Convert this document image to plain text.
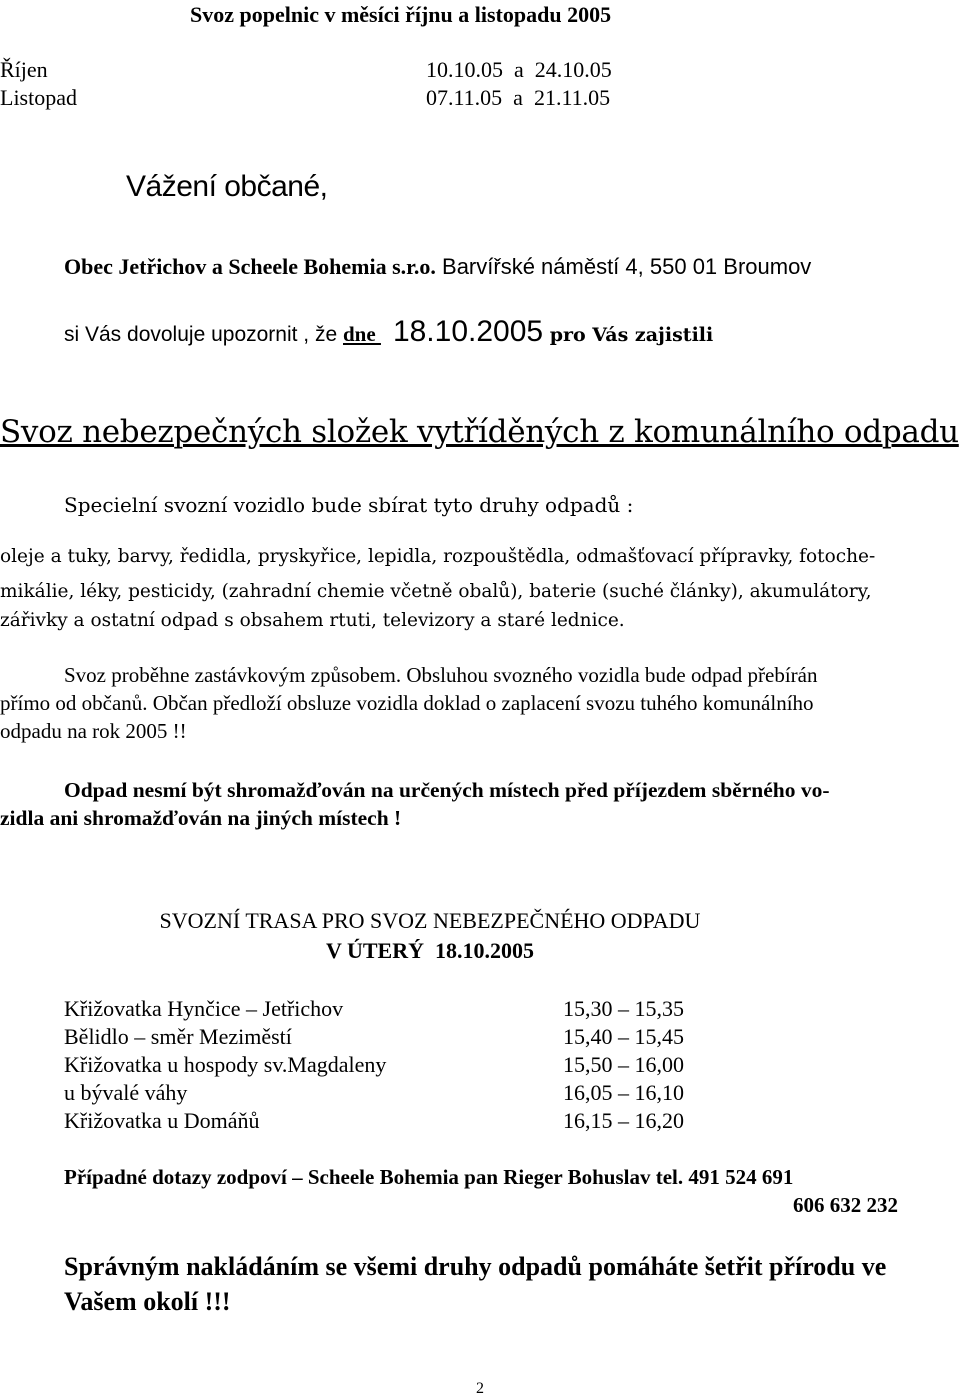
Svoz popelnic v měsíci říjnu a listopadu 2005
Říjen	10.10.05  a  24.10.05
Listopad	07.11.05  a  21.11.05
Vážení občané,
Obec Jetřichov a Scheele Bohemia s.r.o. Barvířské náměstí 4, 550 01 Broumov
si Vás dovoluje upozornit , že dne 18.10.2005 pro Vás zajistili
Svoz nebezpečných složek vytříděných z komunálního odpadu
Specielní svozní vozidlo bude sbírat tyto druhy odpadů :
oleje a tuky, barvy, ředidla, pryskyřice, lepidla, rozpouštědla, odmašťovací přípravky, fotoche-
mikálie, léky, pesticidy, (zahradní chemie včetně obalů), baterie (suché články), akumulátory,
zářivky a ostatní odpad s obsahem rtuti, televizory a staré lednice.
Svoz proběhne zastávkovým způsobem. Obsluhou svozného vozidla bude odpad přebírán
přímo od občanů. Občan předloží obsluze vozidla doklad o zaplacení svozu tuhého komunálního
odpadu na rok 2005 !!
Odpad nesmí být shromažďován na určených místech před příjezdem sběrného vo-
zidla ani shromažďován na jiných místech !
SVOZNÍ TRASA PRO SVOZ NEBEZPEČNÉHO ODPADU
V ÚTERÝ  18.10.2005
Křižovatka Hynčice – Jetřichov	15,30 – 15,35
Bělidlo – směr Meziměstí	15,40 – 15,45
Křižovatka u hospody sv.Magdaleny	15,50 – 16,00
u bývalé váhy	16,05 – 16,10
Křižovatka u Domáňů	16,15 – 16,20
Případné dotazy zodpoví – Scheele Bohemia pan Rieger Bohuslav tel. 491 524 691
606 632 232
Správným nakládáním se všemi druhy odpadů pomáháte šetřit přírodu ve Vašem okolí !!!
2
